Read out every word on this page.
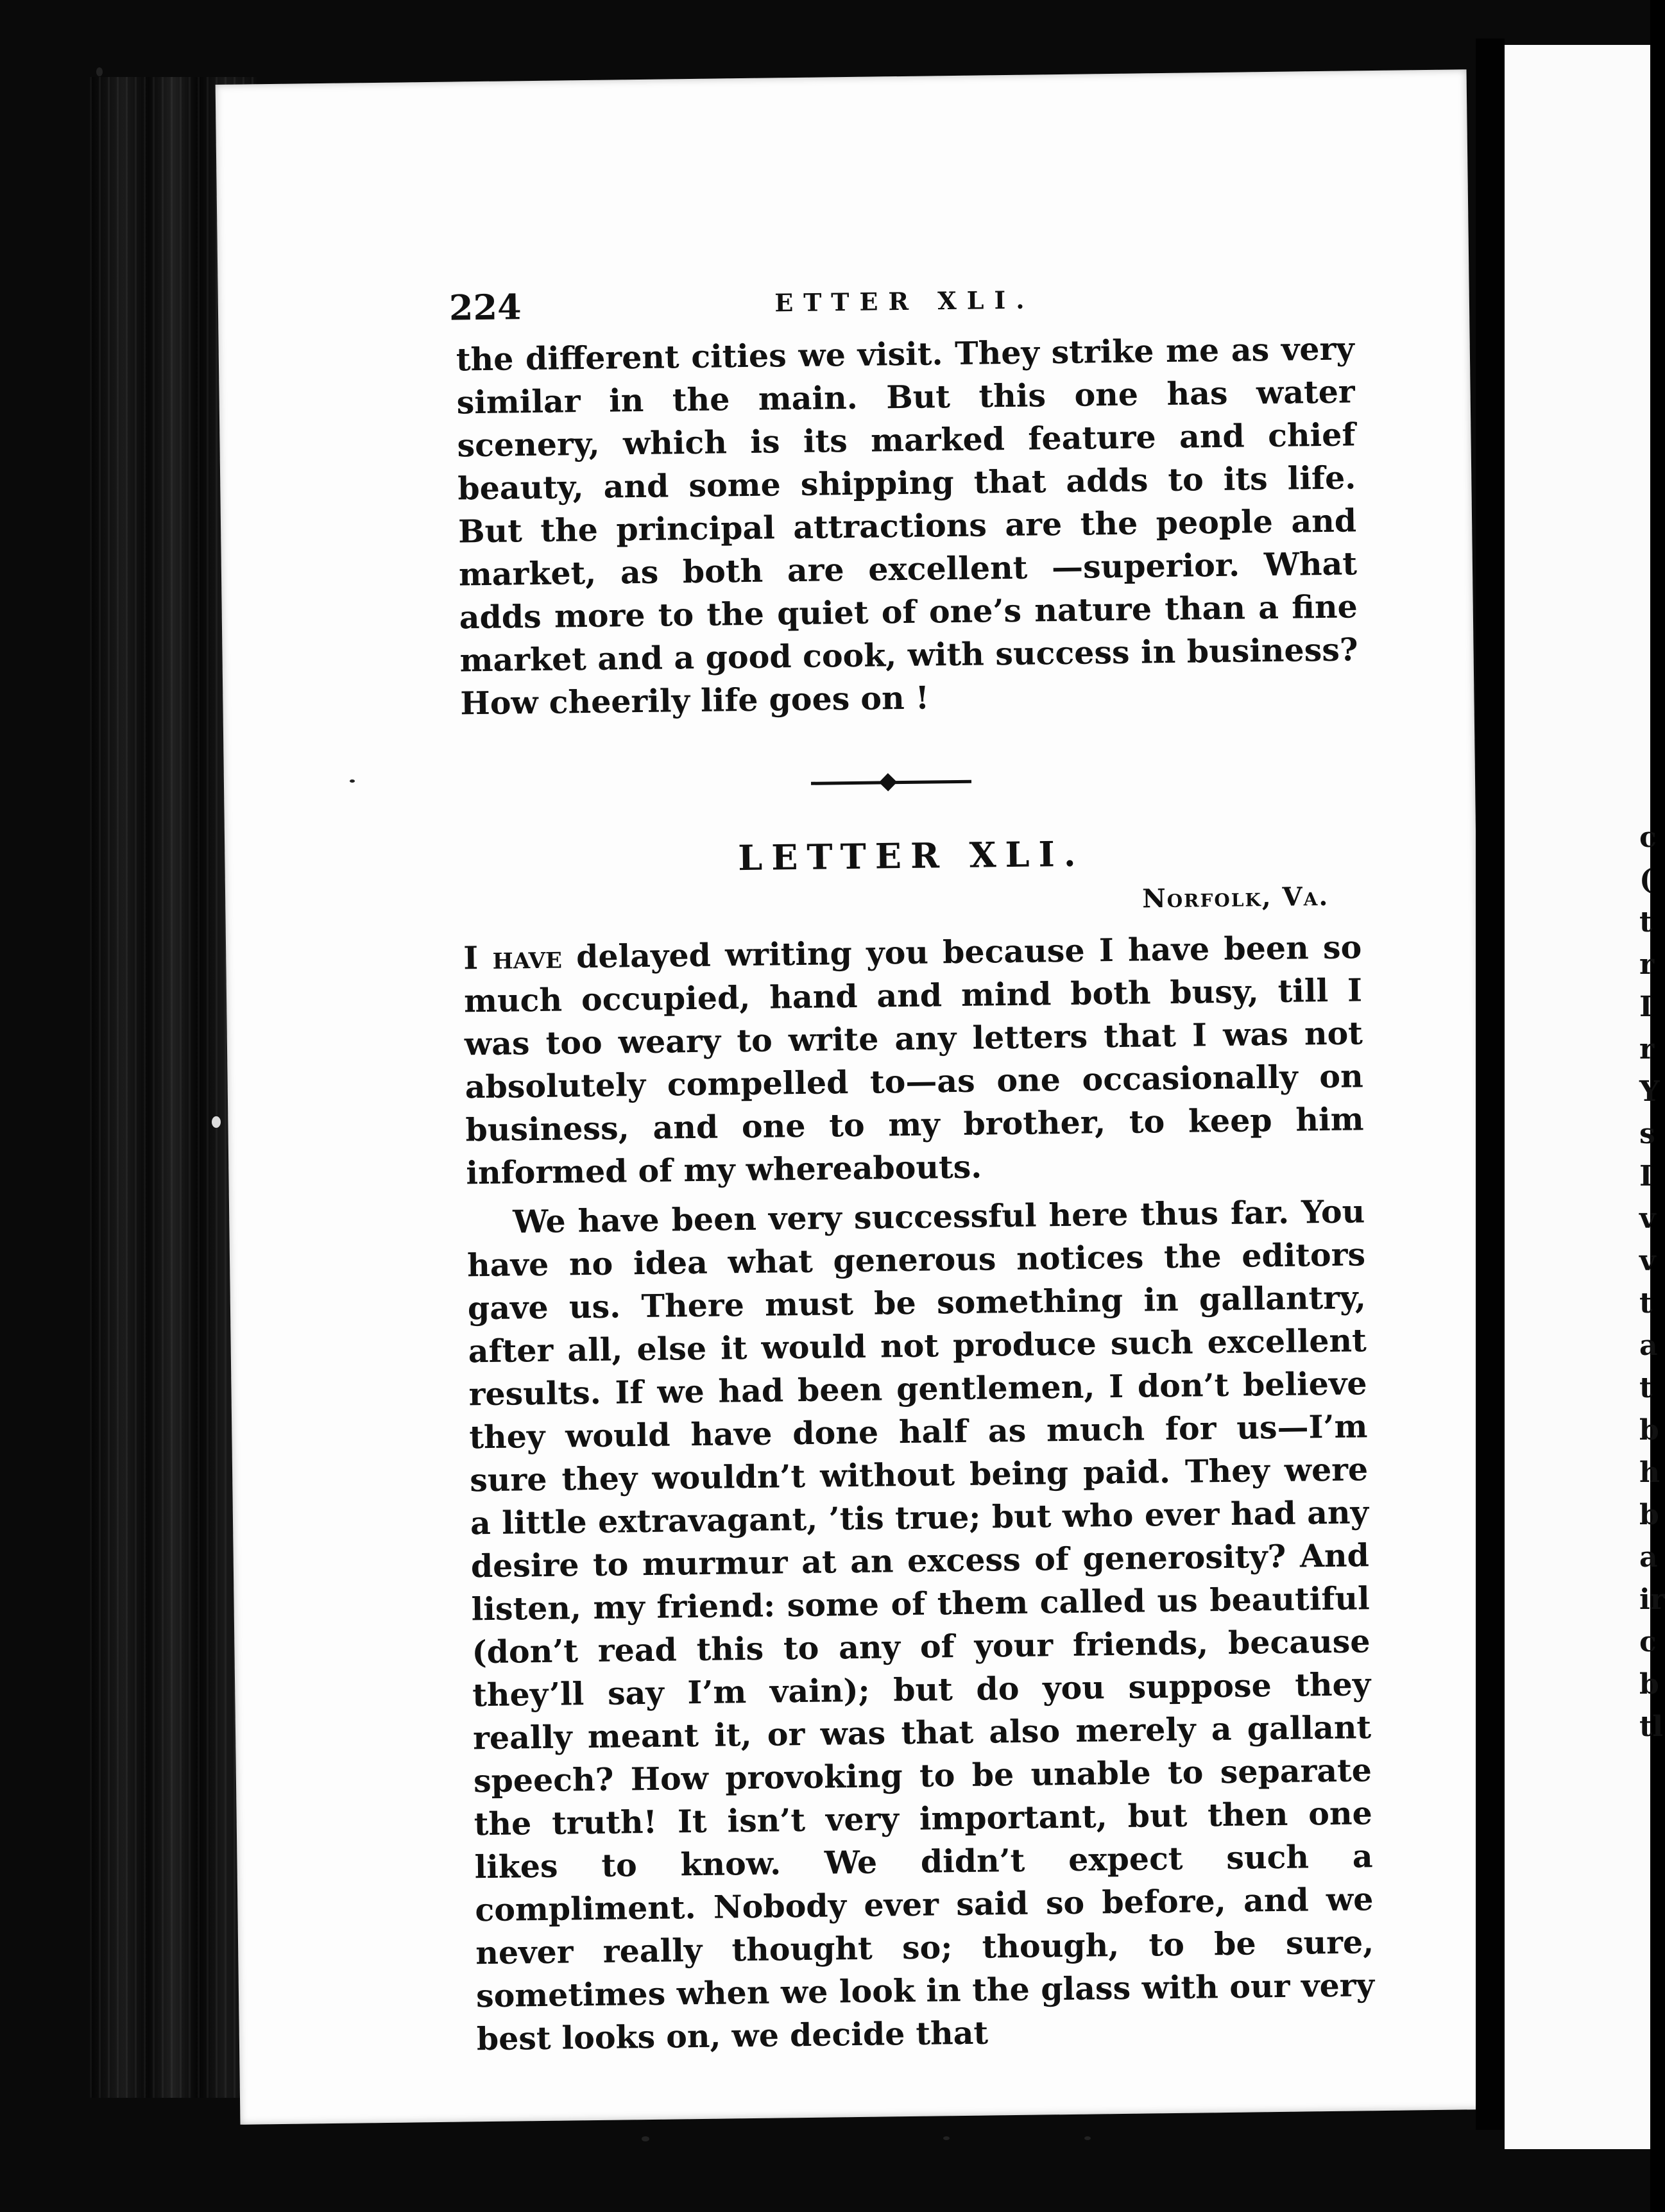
224	ETTER XLI.

the different cities we visit. They strike me as very similar in the main. But this one has water scenery, which is its marked feature and chief beauty, and some shipping that adds to its life. But the principal attractions are the people and market, as both are excellent —superior. What adds more to the quiet of one’s nature than a fine market and a good cook, with success in business? How cheerily life goes on !

LETTER XLI.
Norfolk, Va.

I have delayed writing you because I have been so much occupied, hand and mind both busy, till I was too weary to write any letters that I was not absolutely compelled to—as one occasionally on business, and one to my brother, to keep him informed of my whereabouts.

We have been very successful here thus far. You have no idea what generous notices the editors gave us. There must be something in gallantry, after all, else it would not produce such excellent results. If we had been gentlemen, I don’t believe they would have done half as much for us—I’m sure they wouldn’t without being paid. They were a little extravagant, ’tis true; but who ever had any desire to murmur at an excess of generosity? And listen, my friend: some of them called us beautiful (don’t read this to any of your friends, because they’ll say I’m vain); but do you suppose they really meant it, or was that also merely a gallant speech? How provoking to be unable to separate the truth! It isn’t very important, but then one likes to know. We didn’t expect such a compliment. Nobody ever said so before, and we never really thought so; though, to be sure, sometimes when we look in the glass with our very best looks on, we decide that

c
(
t
r
I
r
Y
s
I
v
v
t
a
t
b
h
b
a
ir
c
b
tl
